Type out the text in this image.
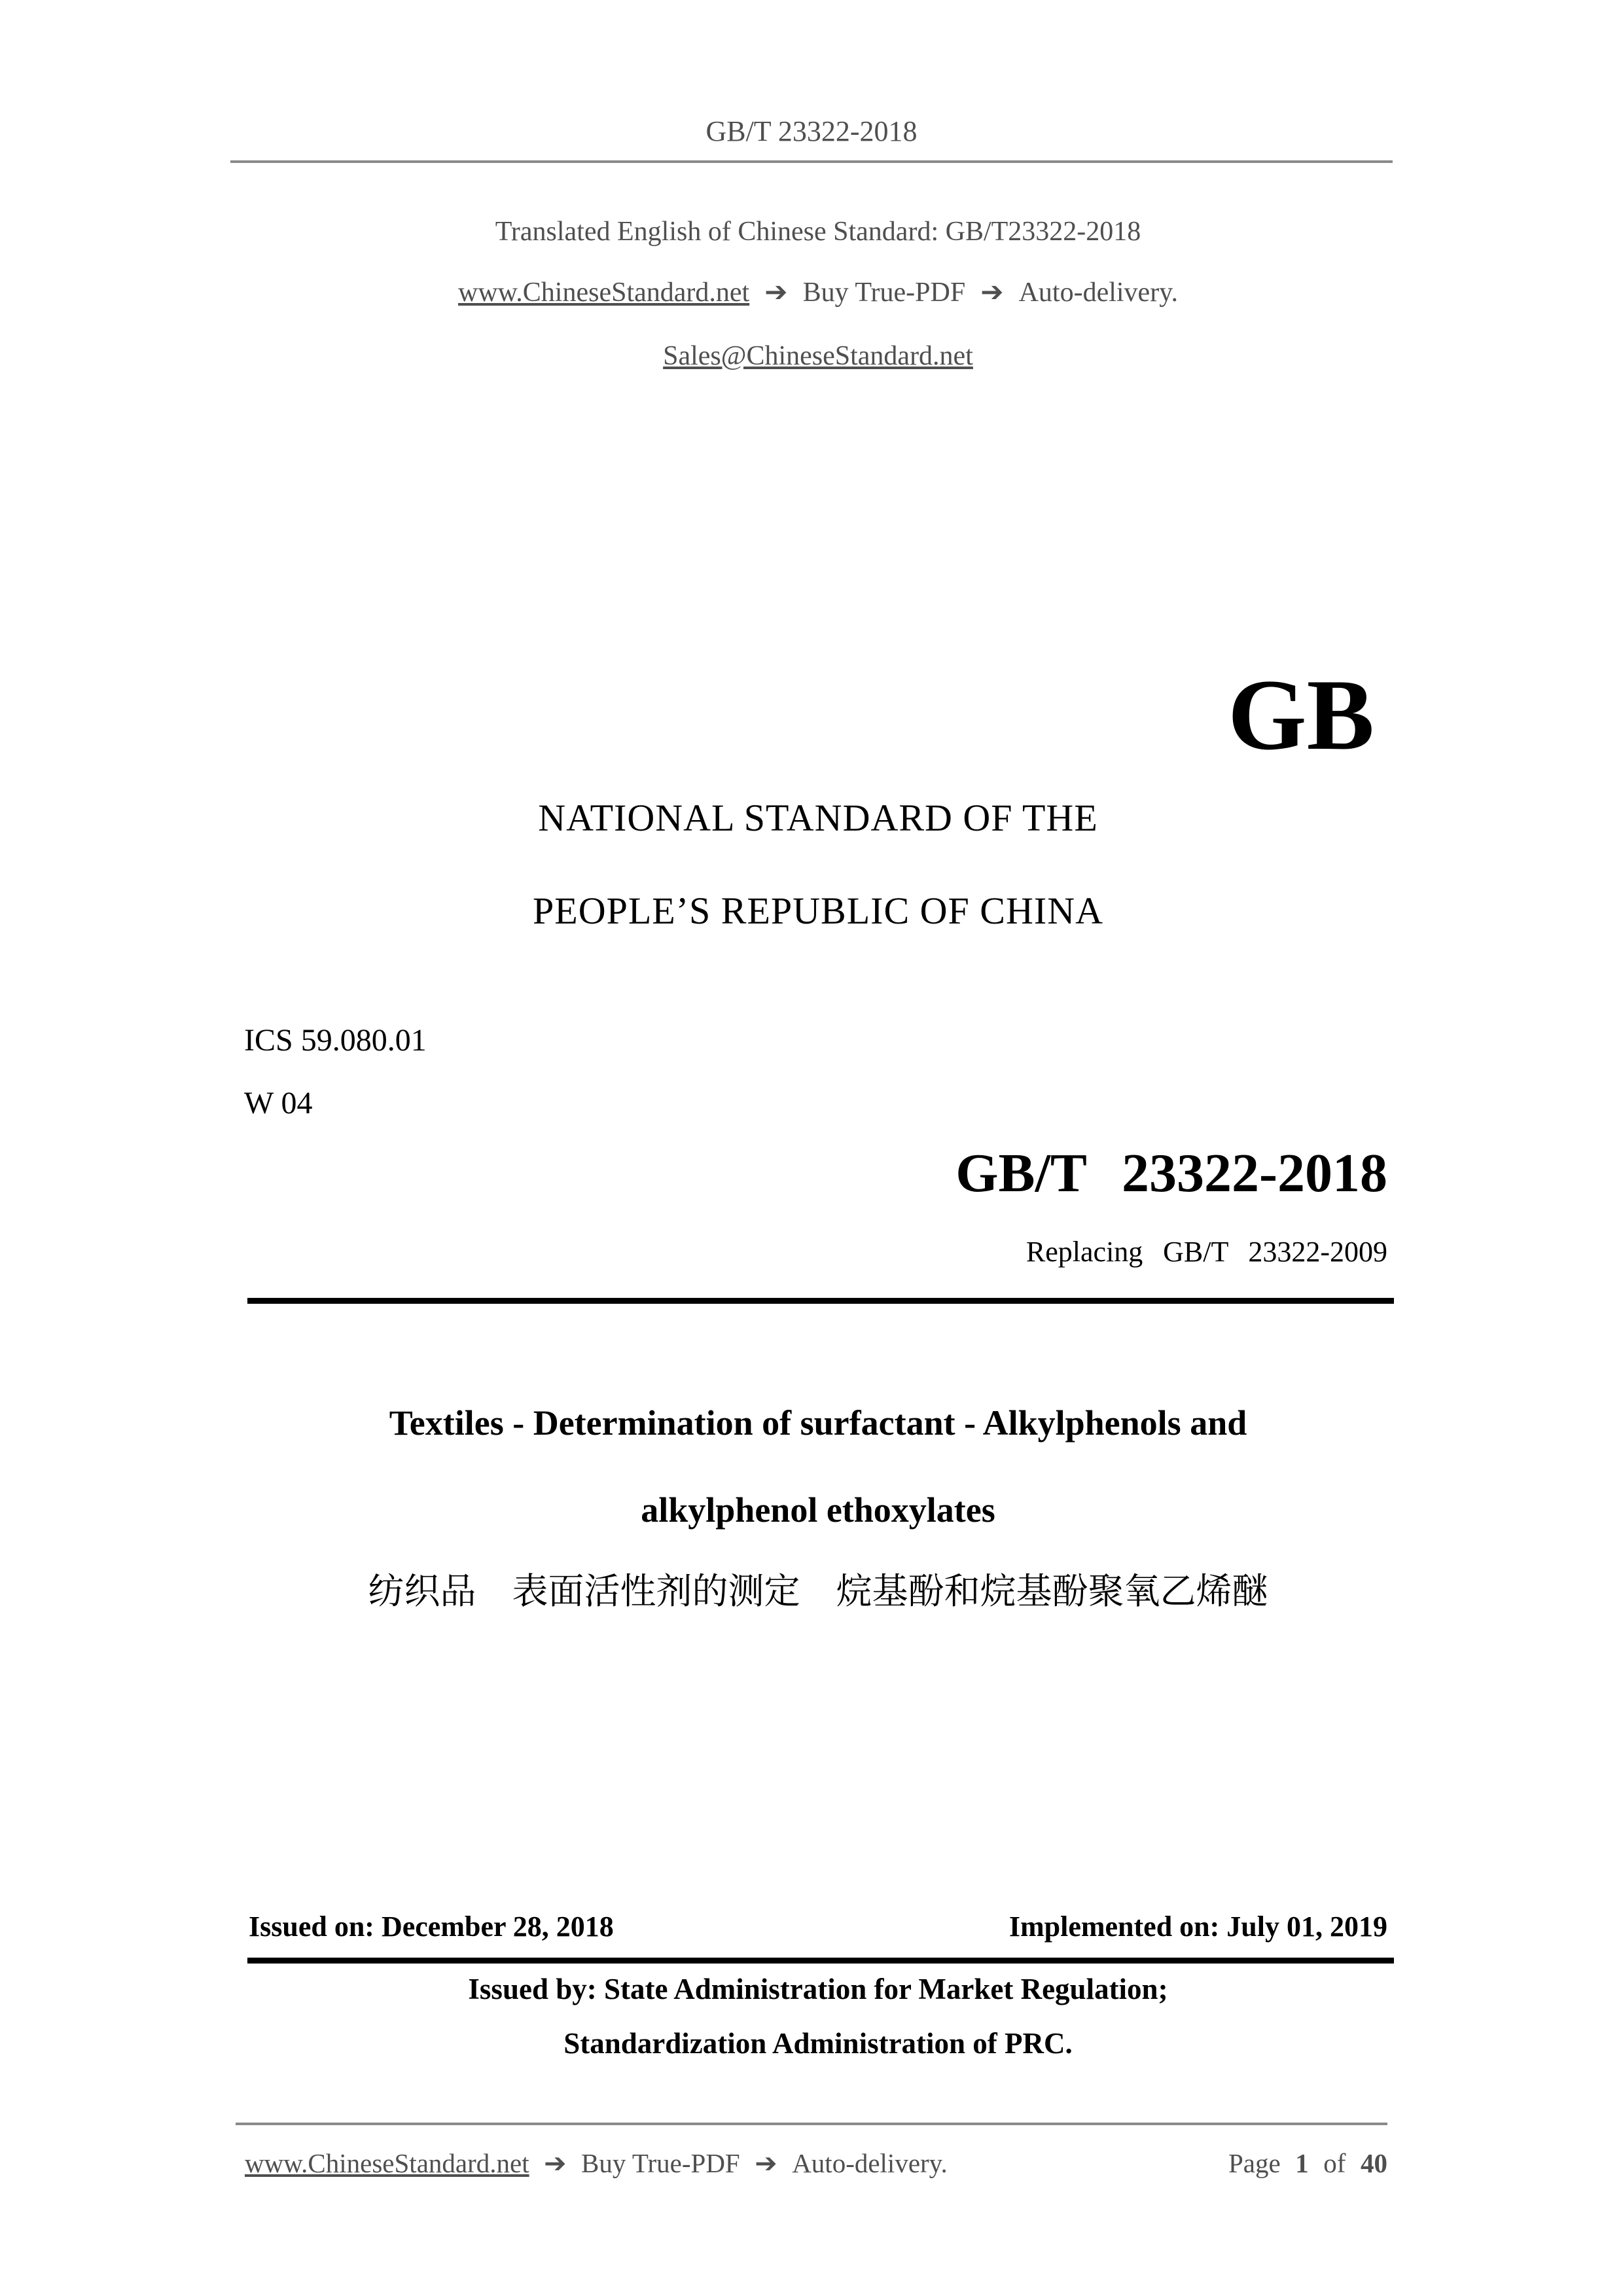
GB/T 23322-2018
Translated English of Chinese Standard: GB/T23322-2018
www.ChineseStandard.net ➔ Buy True-PDF ➔ Auto-delivery.
Sales@ChineseStandard.net
GB
NATIONAL STANDARD OF THE
PEOPLE’S REPUBLIC OF CHINA
ICS 59.080.01
W 04
GB/T 23322-2018
Replacing GB/T 23322-2009
Textiles - Determination of surfactant - Alkylphenols and
alkylphenol ethoxylates
纺织品　表面活性剂的测定　烷基酚和烷基酚聚氧乙烯醚
Issued on: December 28, 2018	Implemented on: July 01, 2019
Issued by: State Administration for Market Regulation;
Standardization Administration of PRC.
www.ChineseStandard.net ➔ Buy True-PDF ➔ Auto-delivery.	Page 1 of 40
